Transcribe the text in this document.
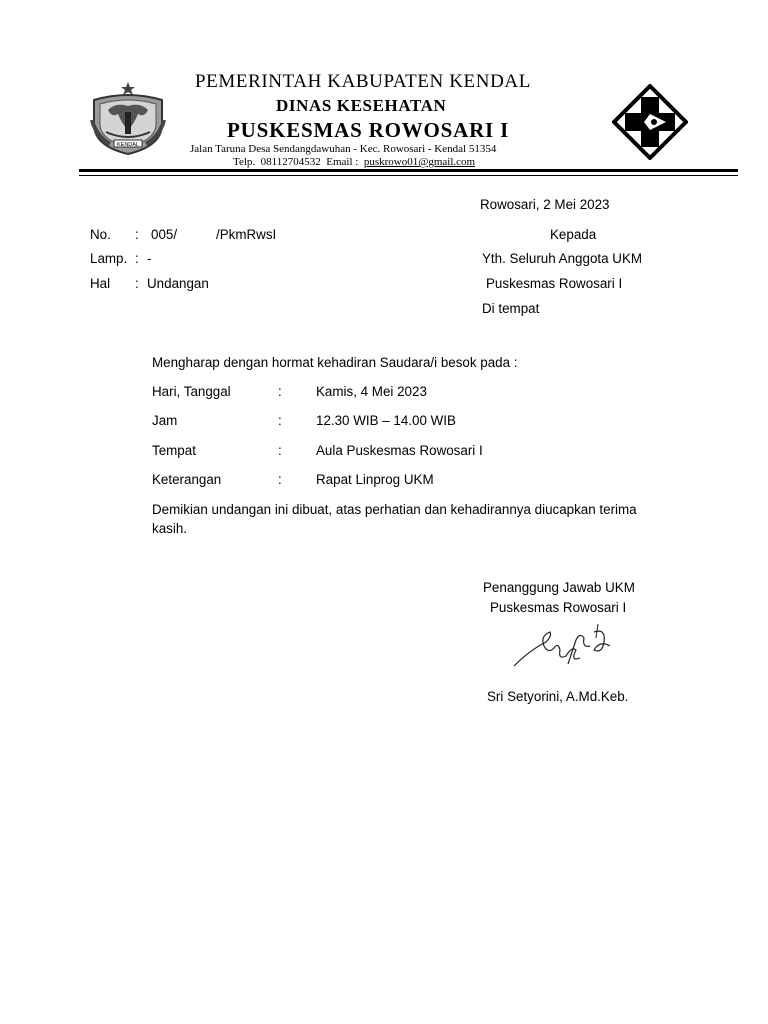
KENDAL
PEMERINTAH KABUPATEN KENDAL
DINAS KESEHATAN
PUSKESMAS ROWOSARI I
Jalan Taruna Desa Sendangdawuhan - Kec. Rowosari - Kendal 51354
Telp. 08112704532 Email : puskrowo01@gmail.com
Rowosari, 2 Mei 2023
No. : 005/	/PkmRwsI
Lamp. : -
Hal : Undangan
Kepada
Yth. Seluruh Anggota UKM
Puskesmas Rowosari I
Di tempat
Mengharap dengan hormat kehadiran Saudara/i besok pada :
Hari, Tanggal	:	Kamis, 4 Mei 2023
Jam	:	12.30 WIB – 14.00 WIB
Tempat	:	Aula Puskesmas Rowosari I
Keterangan	:	Rapat Linprog UKM
Demikian undangan ini dibuat, atas perhatian dan kehadirannya diucapkan terima
kasih.
Penanggung Jawab UKM
Puskesmas Rowosari I
Sri Setyorini, A.Md.Keb.
